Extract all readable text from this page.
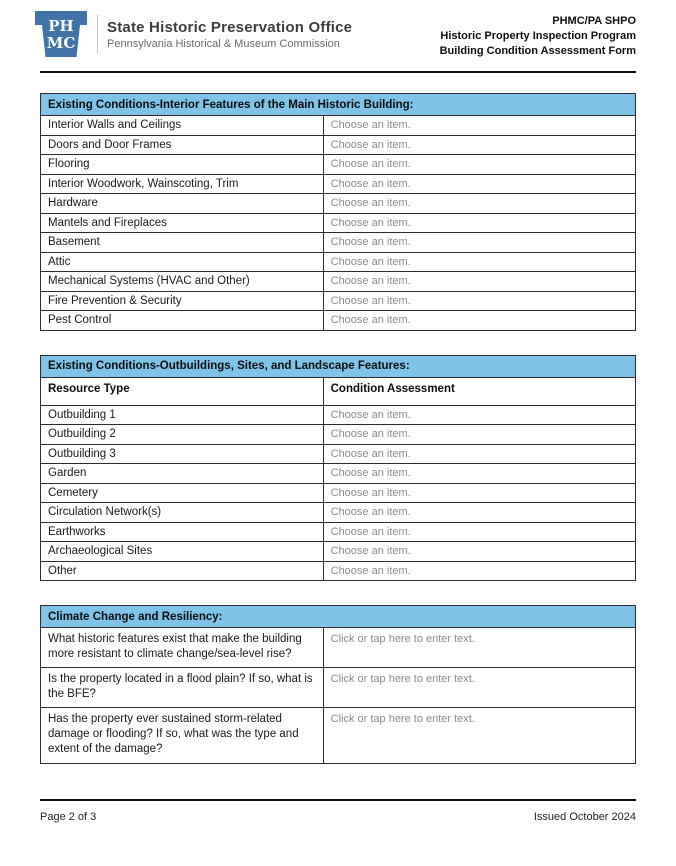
PH
MC
State Historic Preservation Office
Pennsylvania Historical & Museum Commission
PHMC/PA SHPO
Historic Property Inspection Program
Building Condition Assessment Form
Existing Conditions-Interior Features of the Main Historic Building:	
Interior Walls and Ceilings	Choose an item.
Doors and Door Frames	Choose an item.
Flooring	Choose an item.
Interior Woodwork, Wainscoting, Trim	Choose an item.
Hardware	Choose an item.
Mantels and Fireplaces	Choose an item.
Basement	Choose an item.
Attic	Choose an item.
Mechanical Systems (HVAC and Other)	Choose an item.
Fire Prevention & Security	Choose an item.
Pest Control	Choose an item.
Existing Conditions-Outbuildings, Sites, and Landscape Features:	
Resource Type	Condition Assessment
Outbuilding 1	Choose an item.
Outbuilding 2	Choose an item.
Outbuilding 3	Choose an item.
Garden	Choose an item.
Cemetery	Choose an item.
Circulation Network(s)	Choose an item.
Earthworks	Choose an item.
Archaeological Sites	Choose an item.
Other	Choose an item.
Climate Change and Resiliency:	
What historic features exist that make the building more resistant to climate change/sea-level rise?	Click or tap here to enter text.
Is the property located in a flood plain? If so, what is the BFE?	Click or tap here to enter text.
Has the property ever sustained storm-related damage or flooding? If so, what was the type and extent of the damage?	Click or tap here to enter text.
Page 2 of 3	Issued October 2024
